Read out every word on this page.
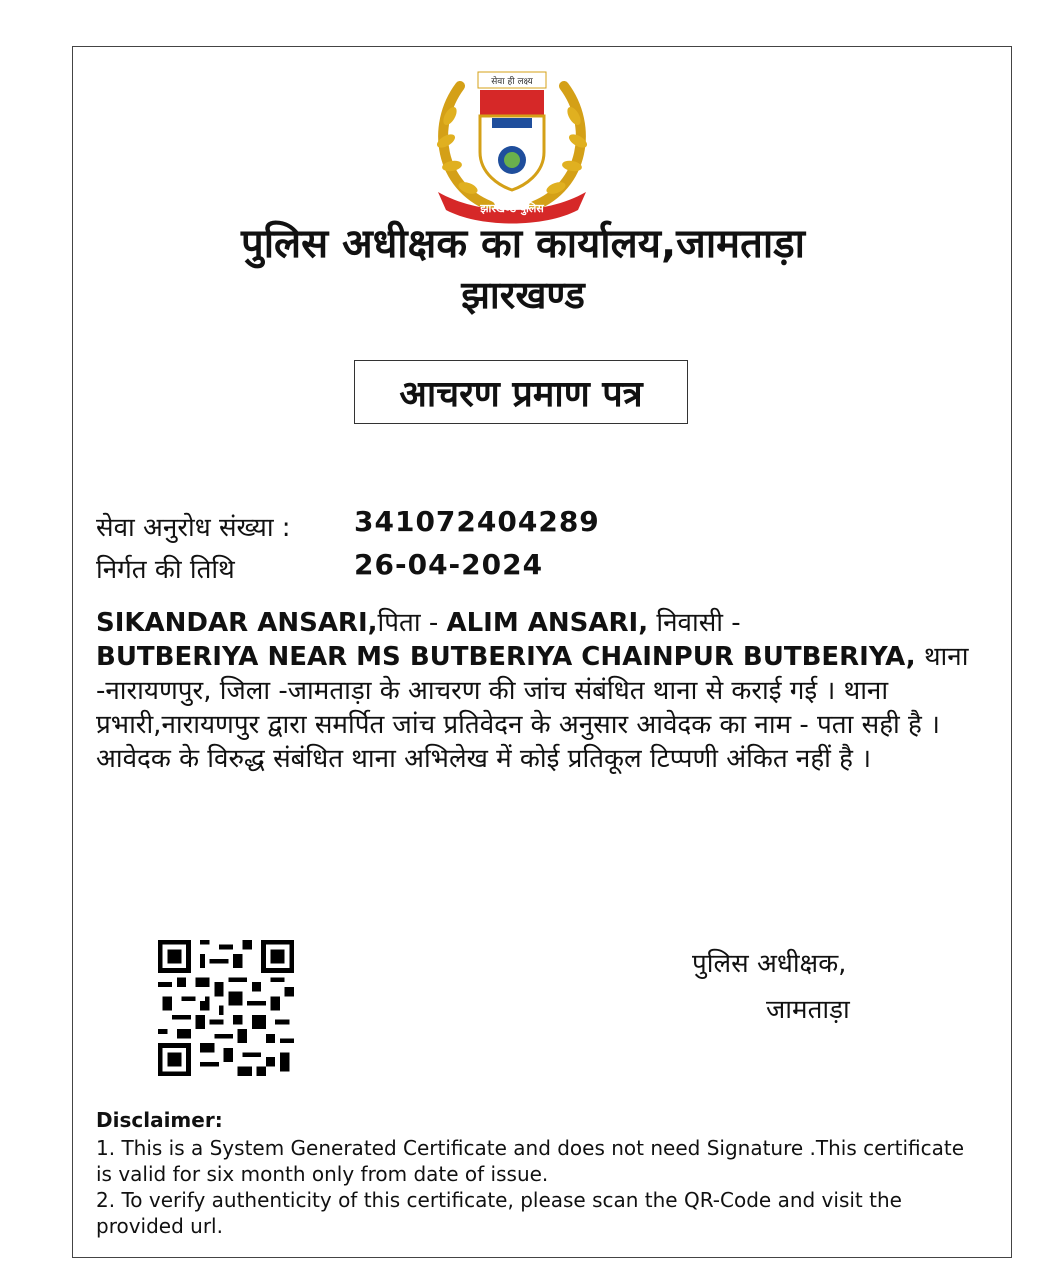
सेवा ही लक्ष्य
झारखण्ड पुलिस
पुलिस अधीक्षक का कार्यालय,जामताड़ा
झारखण्ड
आचरण प्रमाण पत्र
सेवा अनुरोध संख्या : 341072404289
निर्गत की तिथि	26-04-2024
SIKANDAR ANSARI,पिता - ALIM ANSARI, निवासी -
BUTBERIYA NEAR MS BUTBERIYA CHAINPUR BUTBERIYA, थाना -नारायणपुर, जिला -जामताड़ा के आचरण की जांच संबंधित थाना से कराई गई । थाना प्रभारी,नारायणपुर द्वारा समर्पित जांच प्रतिवेदन के अनुसार आवेदक का नाम - पता सही है । आवेदक के विरुद्ध संबंधित थाना अभिलेख में कोई प्रतिकूल टिप्पणी अंकित नहीं है ।
पुलिस अधीक्षक,
जामताड़ा
Disclaimer:
1. This is a System Generated Certificate and does not need Signature .This certificate is valid for six month only from date of issue.
2. To verify authenticity of this certificate, please scan the QR-Code and visit the provided url.
